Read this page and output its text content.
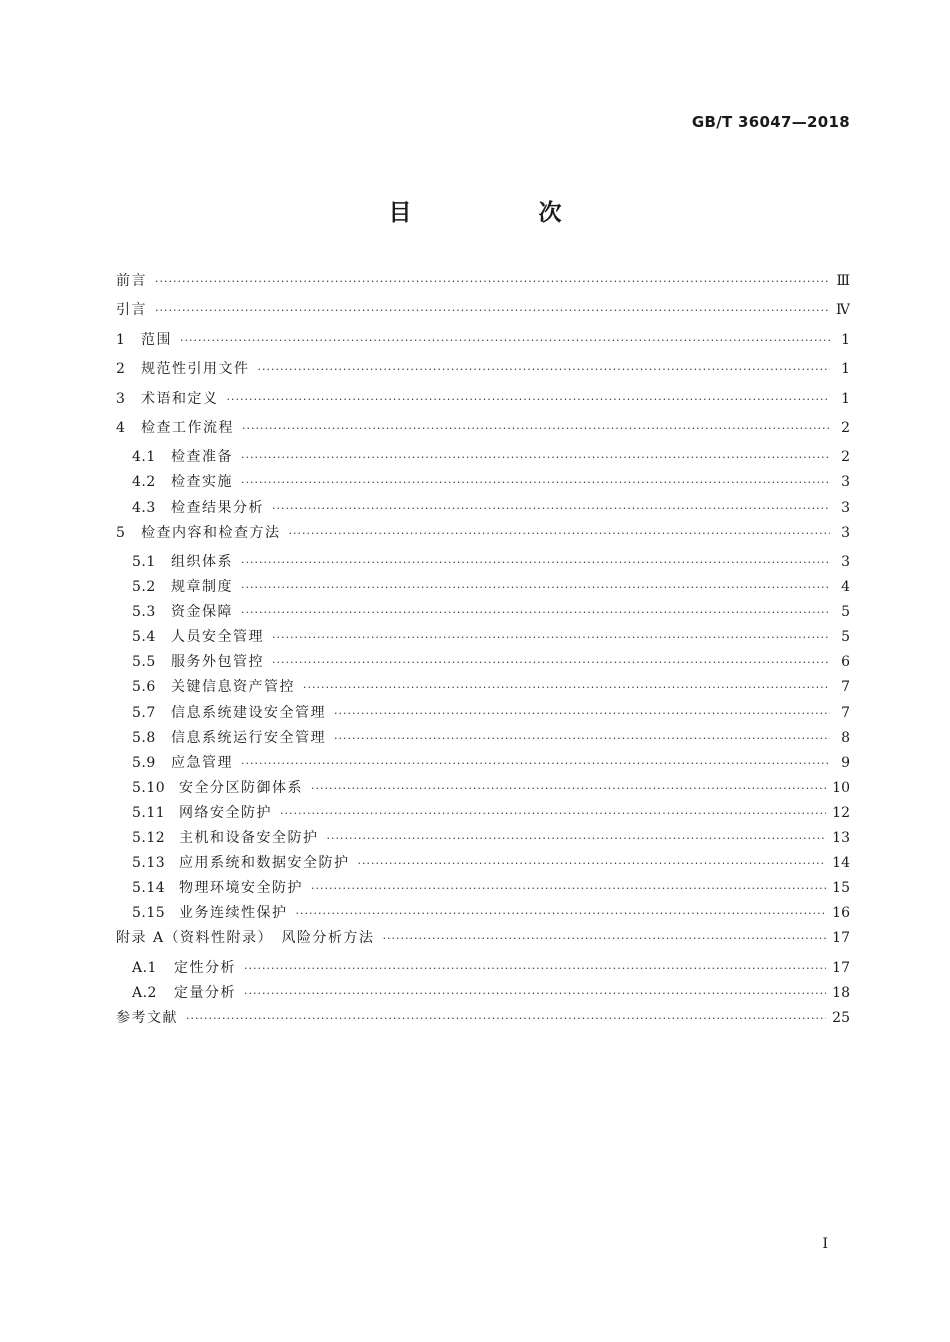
GB/T 36047—2018
目　次
前言 ·····	Ⅲ
引言 ·····	Ⅳ
1	范围 ·····	1
2	规范性引用文件 ·····	1
3	术语和定义 ·····	1
4	检查工作流程 ·····	2
4.1	检查准备 ·····	2
4.2	检查实施 ·····	3
4.3	检查结果分析 ·····	3
5	检查内容和检查方法 ·····	3
5.1	组织体系 ·····	3
5.2	规章制度 ·····	4
5.3	资金保障 ·····	5
5.4	人员安全管理 ·····	5
5.5	服务外包管控 ·····	6
5.6	关键信息资产管控 ·····	7
5.7	信息系统建设安全管理 ·····	7
5.8	信息系统运行安全管理 ·····	8
5.9	应急管理 ·····	9
5.10 安全分区防御体系 ·····	10
5.11 网络安全防护 ·····	12
5.12 主机和设备安全防护 ·····	13
5.13 应用系统和数据安全防护 ·····	14
5.14 物理环境安全防护 ·····	15
5.15 业务连续性保护 ·····	16
附录 A（资料性附录）　风险分析方法 ·····	17
A.1	定性分析 ·····	17
A.2	定量分析 ·····	18
参考文献 ·····	25
I
